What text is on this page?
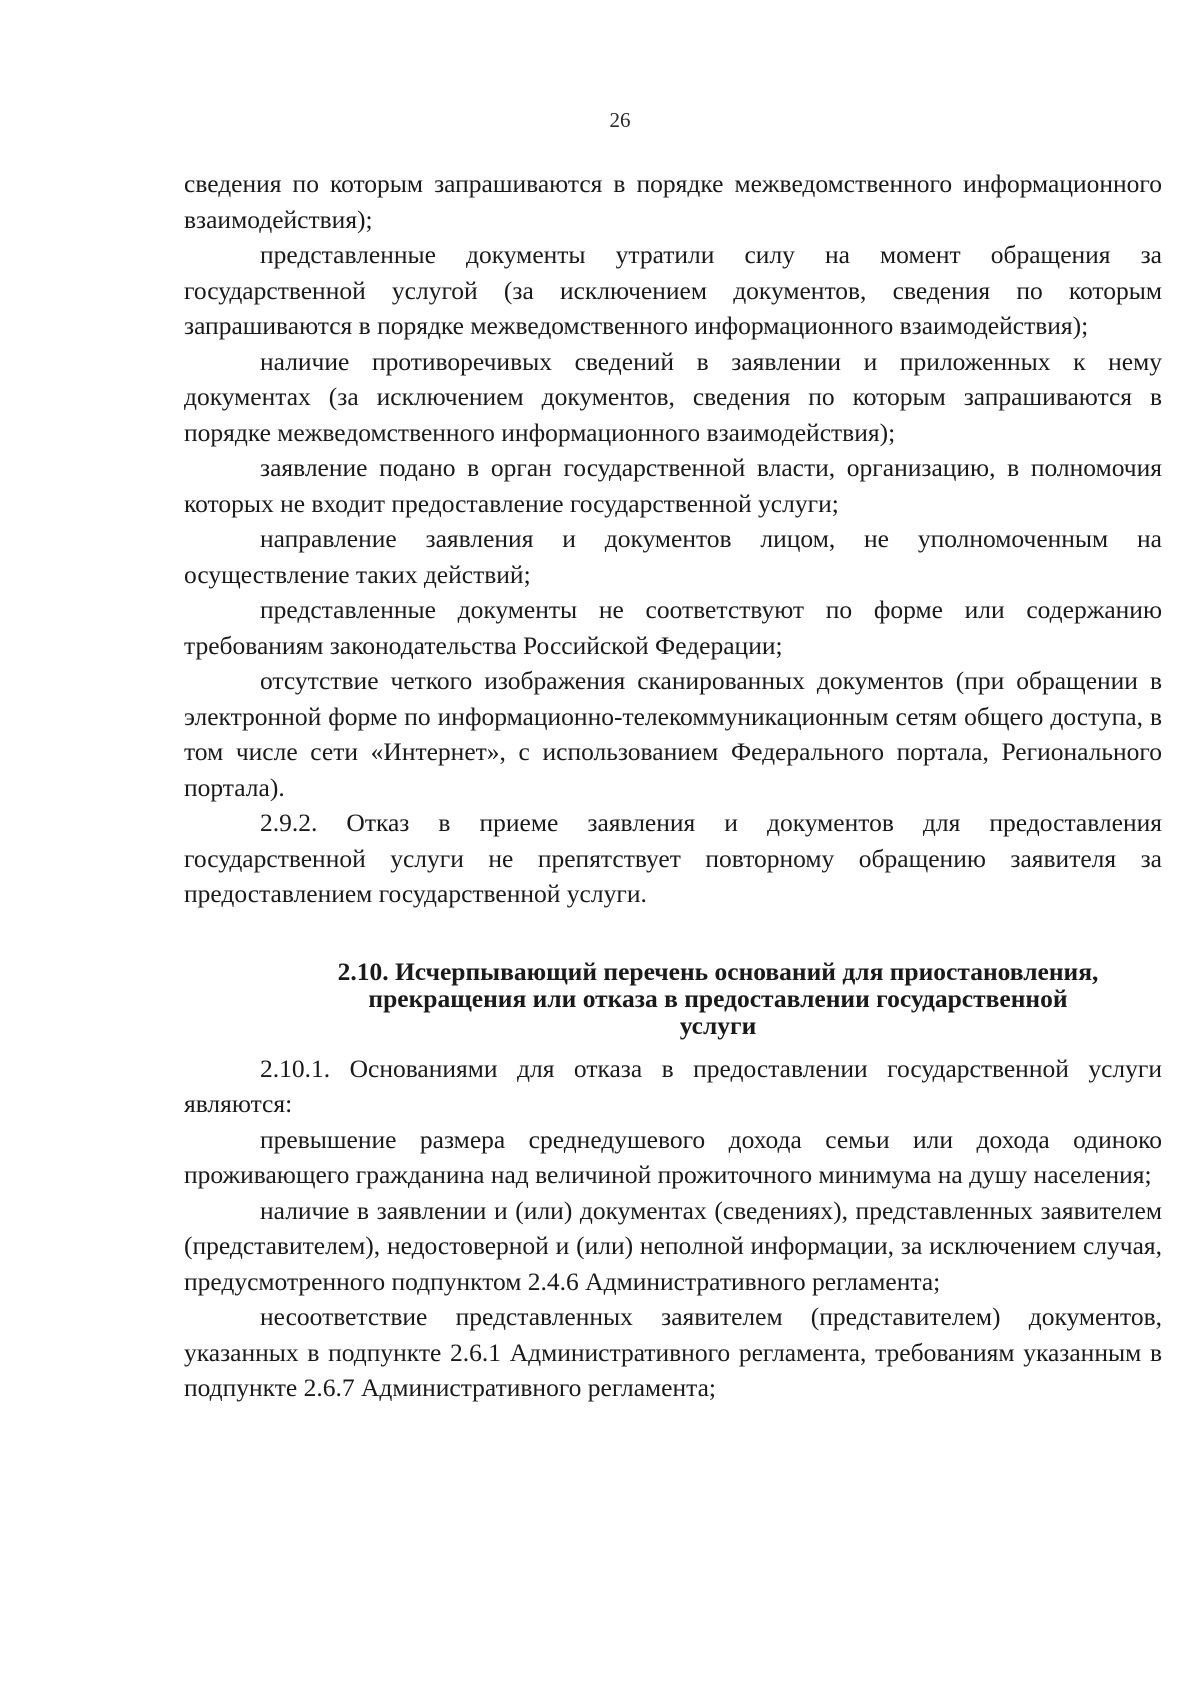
26

сведения по которым запрашиваются в порядке межведомственного информационного взаимодействия);

представленные документы утратили силу на момент обращения за государственной услугой (за исключением документов, сведения по которым запрашиваются в порядке межведомственного информационного взаимодействия);

наличие противоречивых сведений в заявлении и приложенных к нему документах (за исключением документов, сведения по которым запрашиваются в порядке межведомственного информационного взаимодействия);

заявление подано в орган государственной власти, организацию, в полномочия которых не входит предоставление государственной услуги;

направление заявления и документов лицом, не уполномоченным на осуществление таких действий;

представленные документы не соответствуют по форме или содержанию требованиям законодательства Российской Федерации;

отсутствие четкого изображения сканированных документов (при обращении в электронной форме по информационно-телекоммуникационным сетям общего доступа, в том числе сети «Интернет», с использованием Федерального портала, Регионального портала).

2.9.2. Отказ в приеме заявления и документов для предоставления государственной услуги не препятствует повторному обращению заявителя за предоставлением государственной услуги.

2.10. Исчерпывающий перечень оснований для приостановления,
прекращения или отказа в предоставлении государственной
услуги

2.10.1. Основаниями для отказа в предоставлении государственной услуги являются:

превышение размера среднедушевого дохода семьи или дохода одиноко проживающего гражданина над величиной прожиточного минимума на душу населения;

наличие в заявлении и (или) документах (сведениях), представленных заявителем (представителем), недостоверной и (или) неполной информации, за исключением случая, предусмотренного подпунктом 2.4.6 Административного регламента;

несоответствие представленных заявителем (представителем) документов, указанных в подпункте 2.6.1 Административного регламента, требованиям указанным в подпункте 2.6.7 Административного регламента;
